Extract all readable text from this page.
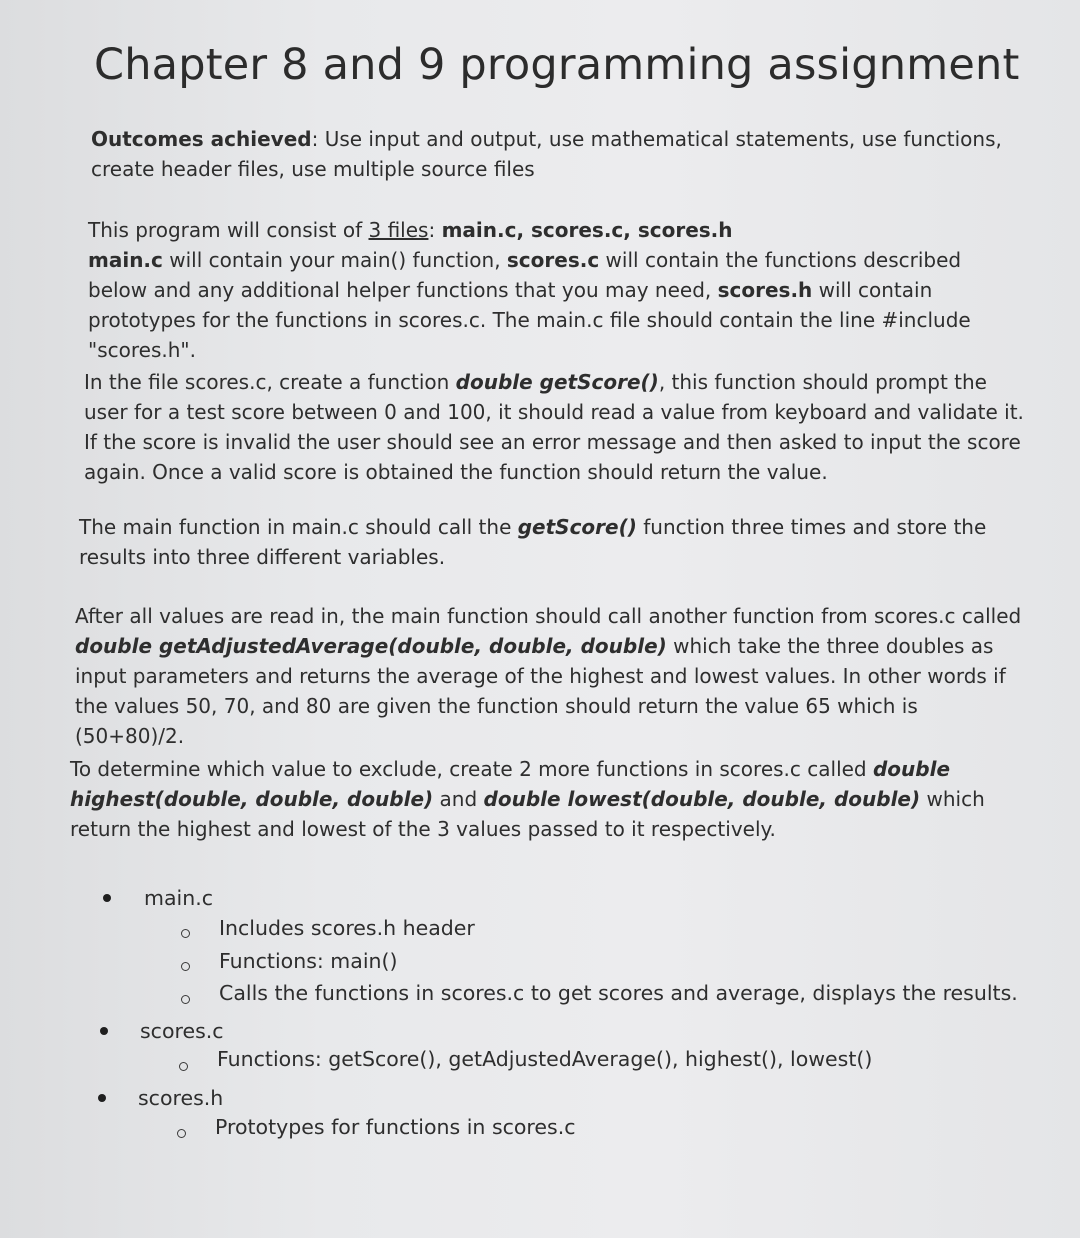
Chapter 8 and 9 programming assignment

Outcomes achieved: Use input and output, use mathematical statements, use functions, create header files, use multiple source files

This program will consist of 3 files: main.c, scores.c, scores.h
main.c will contain your main() function, scores.c will contain the functions described below and any additional helper functions that you may need, scores.h will contain prototypes for the functions in scores.c. The main.c file should contain the line #include "scores.h".

In the file scores.c, create a function double getScore(), this function should prompt the user for a test score between 0 and 100, it should read a value from keyboard and validate it. If the score is invalid the user should see an error message and then asked to input the score again. Once a valid score is obtained the function should return the value.

The main function in main.c should call the getScore() function three times and store the results into three different variables.

After all values are read in, the main function should call another function from scores.c called double getAdjustedAverage(double, double, double) which take the three doubles as input parameters and returns the average of the highest and lowest values. In other words if the values 50, 70, and 80 are given the function should return the value 65 which is (50+80)/2.

To determine which value to exclude, create 2 more functions in scores.c called double highest(double, double, double) and double lowest(double, double, double) which return the highest and lowest of the 3 values passed to it respectively.

main.c
Includes scores.h header
Functions: main()
Calls the functions in scores.c to get scores and average, displays the results.
scores.c
Functions: getScore(), getAdjustedAverage(), highest(), lowest()
scores.h
Prototypes for functions in scores.c
